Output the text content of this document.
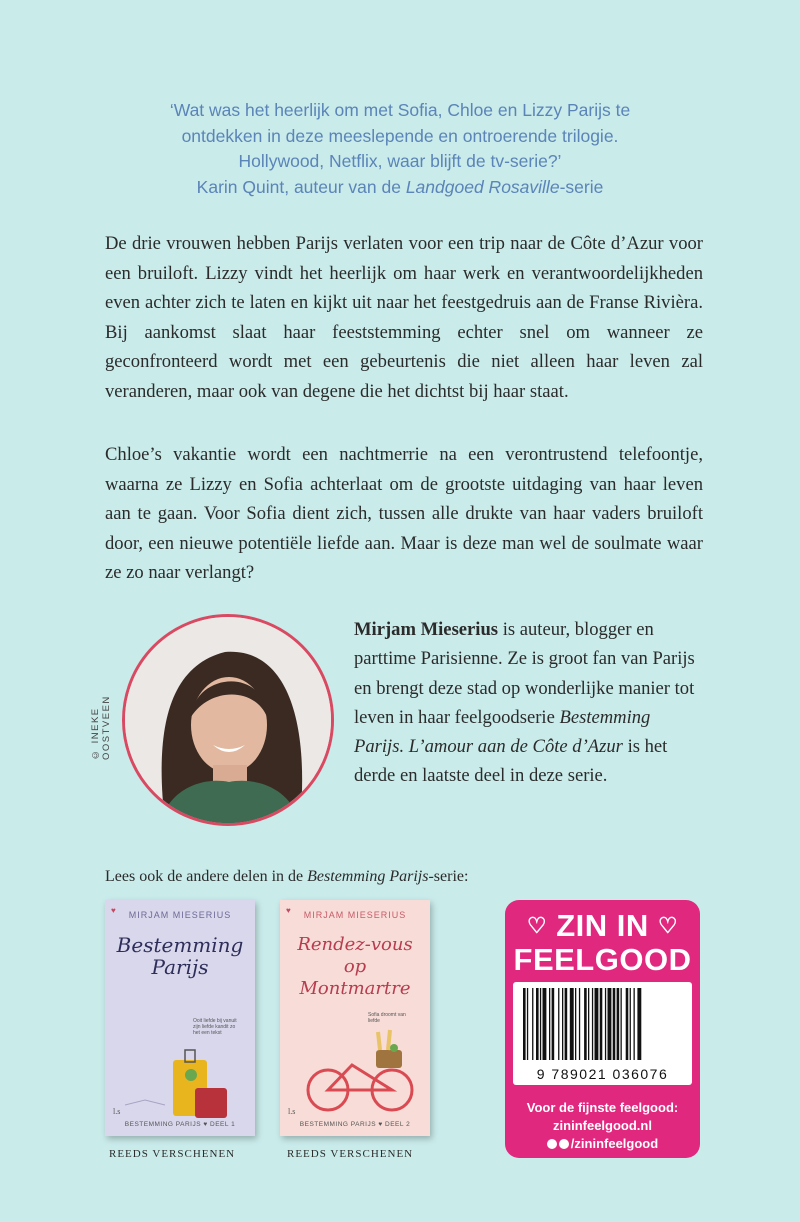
‘Wat was het heerlijk om met Sofia, Chloe en Lizzy Parijs te
ontdekken in deze meeslepende en ontroerende trilogie.
Hollywood, Netflix, waar blijft de tv-serie?’
Karin Quint, auteur van de Landgoed Rosaville-serie
De drie vrouwen hebben Parijs verlaten voor een trip naar de Côte d’Azur voor een bruiloft. Lizzy vindt het heerlijk om haar werk en verantwoordelijkheden even achter zich te laten en kijkt uit naar het feestgedruis aan de Franse Rivièra. Bij aankomst slaat haar feeststemming echter snel om wanneer ze geconfronteerd wordt met een gebeurtenis die niet alleen haar leven zal veranderen, maar ook van degene die het dichtst bij haar staat.
Chloe’s vakantie wordt een nachtmerrie na een verontrustend telefoontje, waarna ze Lizzy en Sofia achterlaat om de grootste uitdaging van haar leven aan te gaan. Voor Sofia dient zich, tussen alle drukte van haar vaders bruiloft door, een nieuwe potentiële liefde aan. Maar is deze man wel de soulmate waar ze zo naar verlangt?
© INEKE OOSTVEEN
Mirjam Mieserius is auteur, blogger en parttime Parisienne. Ze is groot fan van Parijs en brengt deze stad op wonderlijke manier tot leven in haar feelgoodserie Bestemming Parijs. L’amour aan de Côte d’Azur is het derde en laatste deel in deze serie.
Lees ook de andere delen in de Bestemming Parijs-serie:
♥	MIRJAM MIESERIUS
Bestemming Parijs
Ooit liefde bij vanuit zijn liefde kandit zo het een tekst
l.s
BESTEMMING PARIJS ♥ DEEL 1
♥	MIRJAM MIESERIUS
Rendez-vous op Montmartre
Sofia droomt van liefde
l.s
BESTEMMING PARIJS ♥ DEEL 2
REEDS VERSCHENEN	REEDS VERSCHENEN
♡ ZIN IN ♡
FEELGOOD
9 789021 036076
Voor de fijnste feelgood:
zininfeelgood.nl
/zininfeelgood
